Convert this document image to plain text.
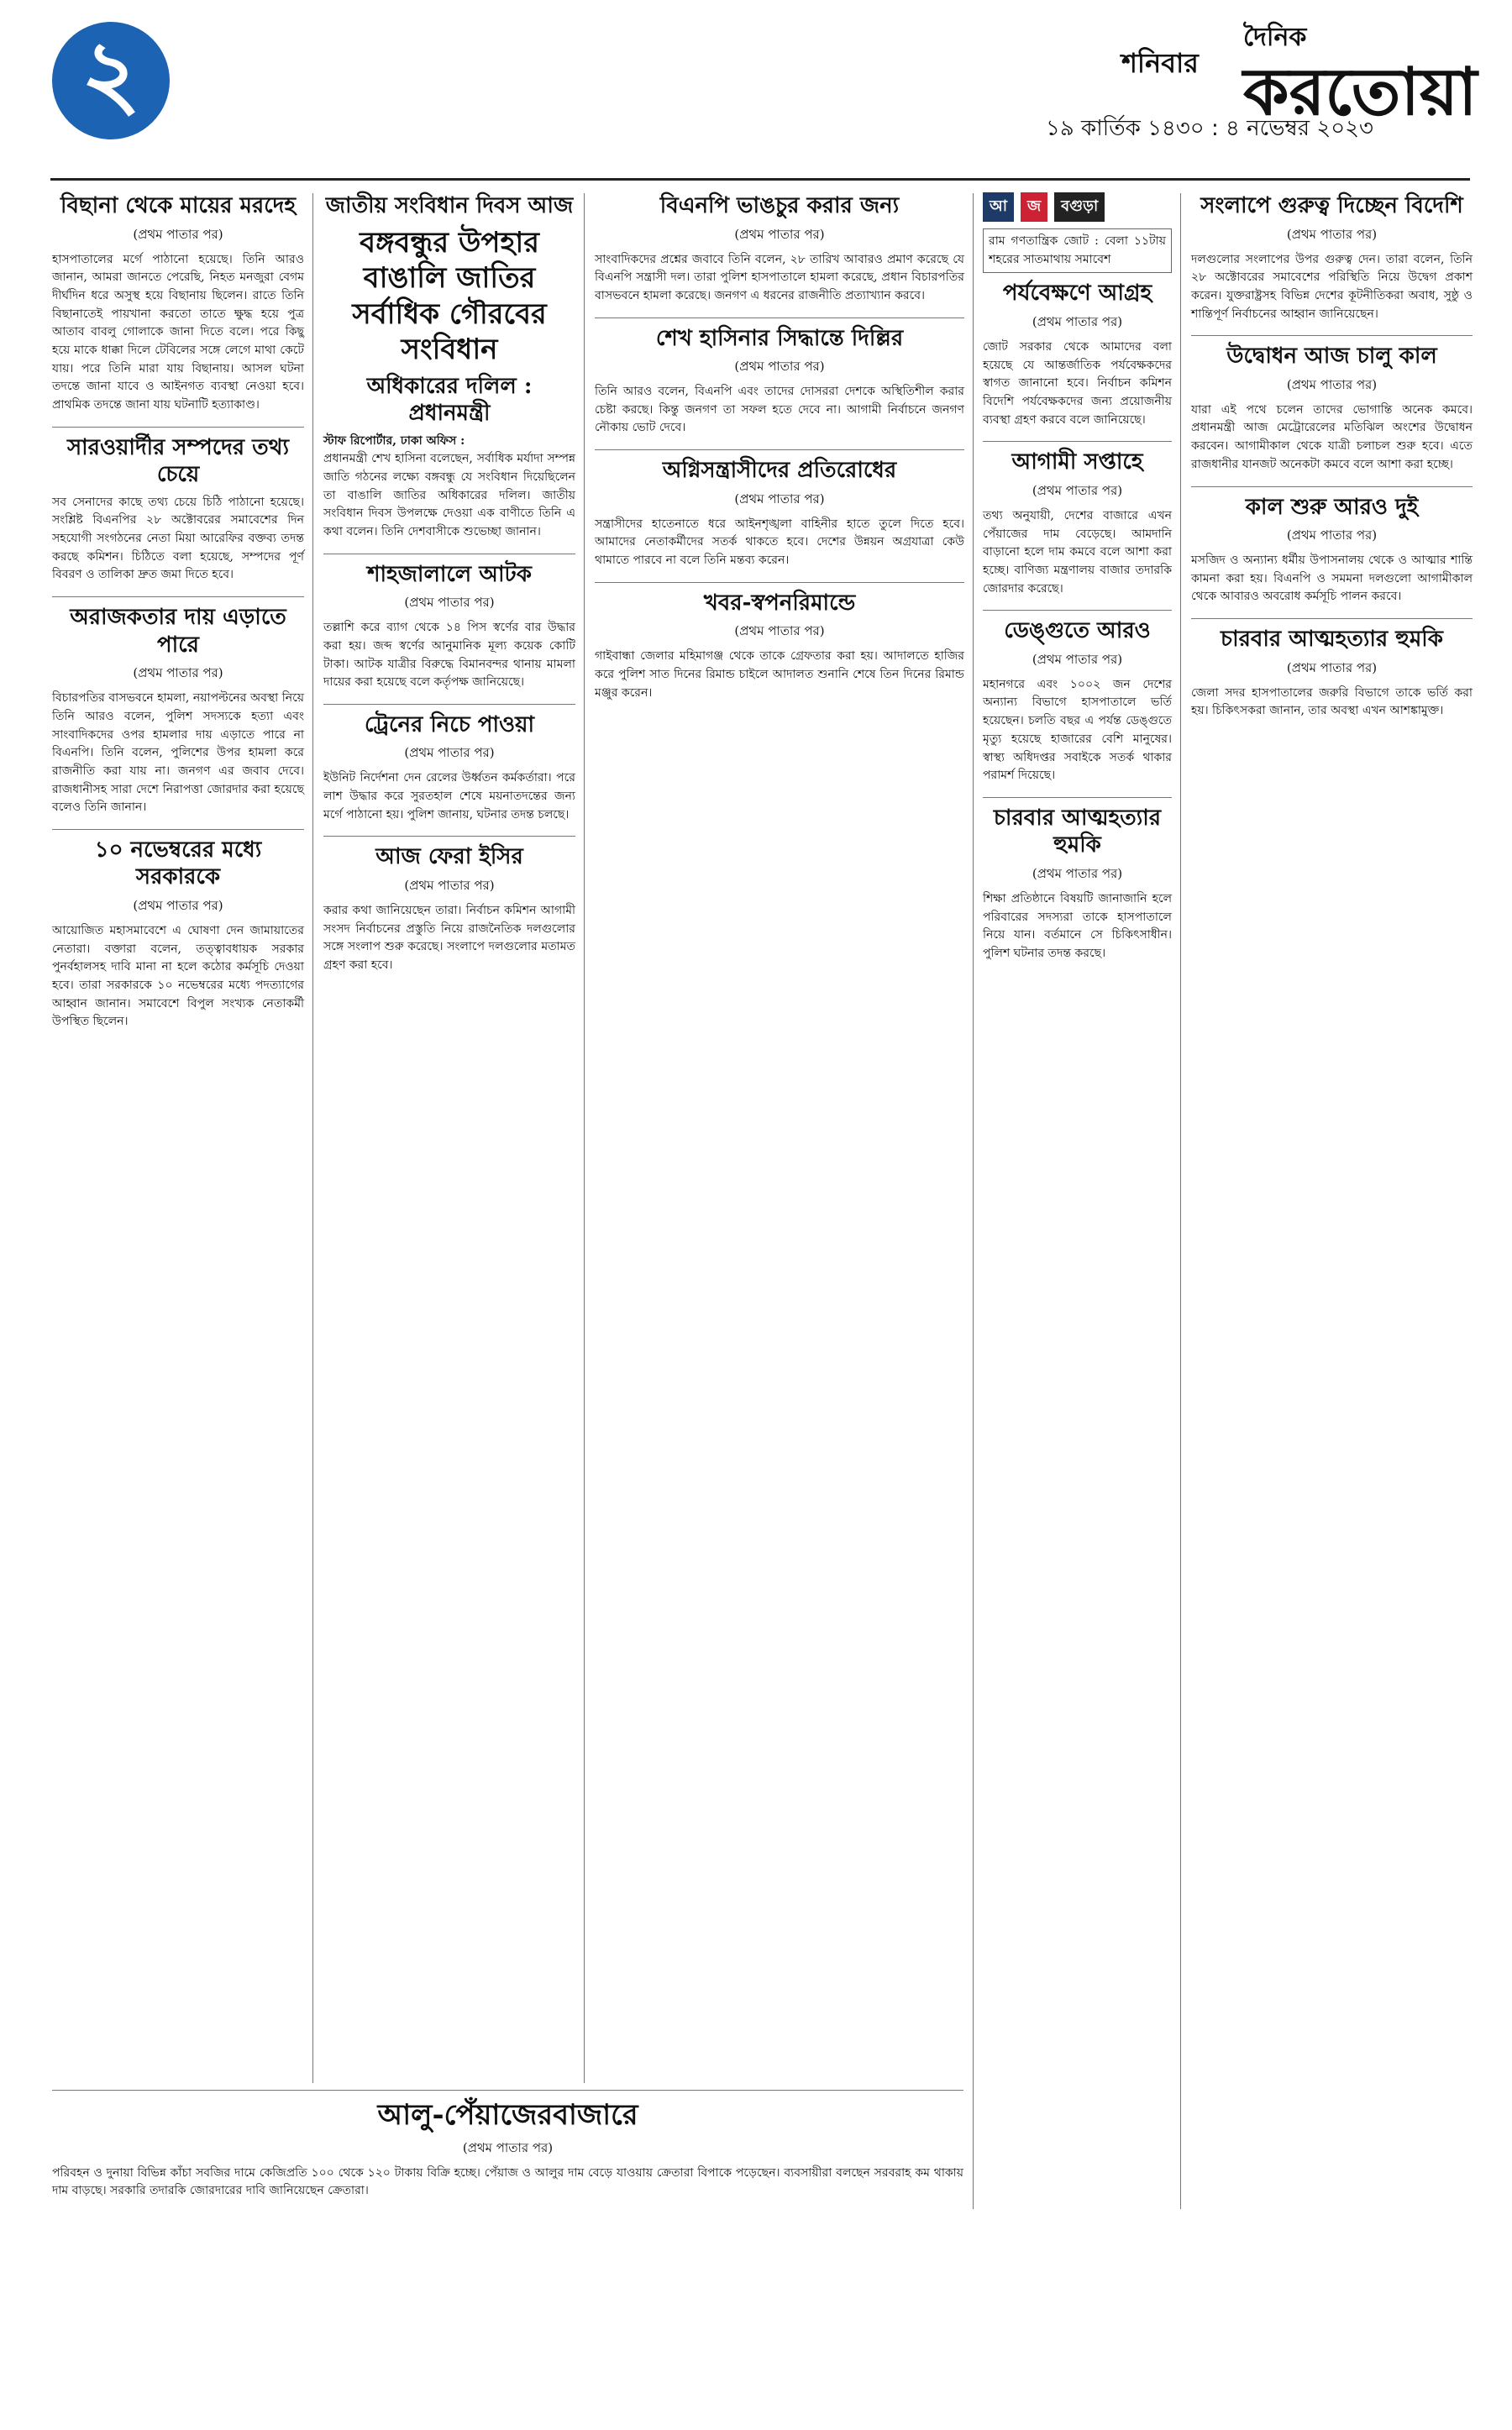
২	শনিবার
১৯ কার্তিক ১৪৩০ : ৪ নভেম্বর ২০২৩
দৈনিক
করতোয়া
বিছানা থেকে মায়ের মরদেহ
(প্রথম পাতার পর)
হাসপাতালের মর্গে পাঠানো হয়েছে। তিনি আরও জানান, আমরা জানতে পেরেছি, নিহত মনজুরা বেগম দীর্ঘদিন ধরে অসুস্থ হয়ে বিছানায় ছিলেন। রাতে তিনি বিছানাতেই পায়খানা করতো তাতে ক্ষুদ্ধ হয়ে পুত্র আতাব বাবলু গোলাকে জানা দিতে বলে। পরে কিছু হয়ে মাকে ধাক্কা দিলে টেবিলের সঙ্গে লেগে মাথা কেটে যায়। পরে তিনি মারা যায় বিছানায়। আসল ঘটনা তদন্তে জানা যাবে ও আইনগত ব্যবস্থা নেওয়া হবে। প্রাথমিক তদন্তে জানা যায় ঘটনাটি হত্যাকাণ্ড।
সারওয়ার্দীর সম্পদের তথ্য চেয়ে
সব সেনাদের কাছে তথ্য চেয়ে চিঠি পাঠানো হয়েছে। সংশ্লিষ্ট বিএনপির ২৮ অক্টোবরের সমাবেশের দিন সহযোগী সংগঠনের নেতা মিয়া আরেফির বক্তব্য তদন্ত করছে কমিশন। চিঠিতে বলা হয়েছে, সম্পদের পূর্ণ বিবরণ ও তালিকা দ্রুত জমা দিতে হবে।
অরাজকতার দায় এড়াতে পারে
(প্রথম পাতার পর)
বিচারপতির বাসভবনে হামলা, নয়াপল্টনের অবস্থা নিয়ে তিনি আরও বলেন, পুলিশ সদস্যকে হত্যা এবং সাংবাদিকদের ওপর হামলার দায় এড়াতে পারে না বিএনপি। তিনি বলেন, পুলিশের উপর হামলা করে রাজনীতি করা যায় না। জনগণ এর জবাব দেবে। রাজধানীসহ সারা দেশে নিরাপত্তা জোরদার করা হয়েছে বলেও তিনি জানান।
১০ নভেম্বরের মধ্যে সরকারকে
(প্রথম পাতার পর)
আয়োজিত মহাসমাবেশে এ ঘোষণা দেন জামায়াতের নেতারা। বক্তারা বলেন, তত্ত্বাবধায়ক সরকার পুনর্বহালসহ দাবি মানা না হলে কঠোর কর্মসূচি দেওয়া হবে। তারা সরকারকে ১০ নভেম্বরের মধ্যে পদত্যাগের আহ্বান জানান। সমাবেশে বিপুল সংখ্যক নেতাকর্মী উপস্থিত ছিলেন।
জাতীয় সংবিধান দিবস আজ
বঙ্গবন্ধুর উপহার বাঙালি জাতির সর্বাধিক গৌরবের সংবিধান
অধিকারের দলিল : প্রধানমন্ত্রী
স্টাফ রিপোর্টার, ঢাকা অফিস :
প্রধানমন্ত্রী শেখ হাসিনা বলেছেন, সর্বাধিক মর্যাদা সম্পন্ন জাতি গঠনের লক্ষ্যে বঙ্গবন্ধু যে সংবিধান দিয়েছিলেন তা বাঙালি জাতির অধিকারের দলিল। জাতীয় সংবিধান দিবস উপলক্ষে দেওয়া এক বাণীতে তিনি এ কথা বলেন। তিনি দেশবাসীকে শুভেচ্ছা জানান।
শাহজালালে আটক
(প্রথম পাতার পর)
তল্লাশি করে ব্যাগ থেকে ১৪ পিস স্বর্ণের বার উদ্ধার করা হয়। জব্দ স্বর্ণের আনুমানিক মূল্য কয়েক কোটি টাকা। আটক যাত্রীর বিরুদ্ধে বিমানবন্দর থানায় মামলা দায়ের করা হয়েছে বলে কর্তৃপক্ষ জানিয়েছে।
ট্রেনের নিচে পাওয়া
(প্রথম পাতার পর)
ইউনিট নির্দেশনা দেন রেলের উর্ধ্বতন কর্মকর্তারা। পরে লাশ উদ্ধার করে সুরতহাল শেষে ময়নাতদন্তের জন্য মর্গে পাঠানো হয়। পুলিশ জানায়, ঘটনার তদন্ত চলছে।
আজ ফেরা ইসির
(প্রথম পাতার পর)
করার কথা জানিয়েছেন তারা। নির্বাচন কমিশন আগামী সংসদ নির্বাচনের প্রস্তুতি নিয়ে রাজনৈতিক দলগুলোর সঙ্গে সংলাপ শুরু করেছে। সংলাপে দলগুলোর মতামত গ্রহণ করা হবে।
বিএনপি ভাঙচুর করার জন্য
(প্রথম পাতার পর)
সাংবাদিকদের প্রশ্নের জবাবে তিনি বলেন, ২৮ তারিখ আবারও প্রমাণ করেছে যে বিএনপি সন্ত্রাসী দল। তারা পুলিশ হাসপাতালে হামলা করেছে, প্রধান বিচারপতির বাসভবনে হামলা করেছে। জনগণ এ ধরনের রাজনীতি প্রত্যাখ্যান করবে।
শেখ হাসিনার সিদ্ধান্তে দিল্লির
(প্রথম পাতার পর)
তিনি আরও বলেন, বিএনপি এবং তাদের দোসররা দেশকে অস্থিতিশীল করার চেষ্টা করছে। কিন্তু জনগণ তা সফল হতে দেবে না। আগামী নির্বাচনে জনগণ নৌকায় ভোট দেবে।
অগ্নিসন্ত্রাসীদের প্রতিরোধের
(প্রথম পাতার পর)
সন্ত্রাসীদের হাতেনাতে ধরে আইনশৃঙ্খলা বাহিনীর হাতে তুলে দিতে হবে। আমাদের নেতাকর্মীদের সতর্ক থাকতে হবে। দেশের উন্নয়ন অগ্রযাত্রা কেউ থামাতে পারবে না বলে তিনি মন্তব্য করেন।
খবর-স্বপনরিমান্ডে
(প্রথম পাতার পর)
গাইবান্ধা জেলার মহিমাগঞ্জ থেকে তাকে গ্রেফতার করা হয়। আদালতে হাজির করে পুলিশ সাত দিনের রিমান্ড চাইলে আদালত শুনানি শেষে তিন দিনের রিমান্ড মঞ্জুর করেন।
আ	জ	বগুড়া
রাম গণতান্ত্রিক জোট : বেলা ১১টায় শহরের সাতমাথায় সমাবেশ
পর্যবেক্ষণে আগ্রহ
(প্রথম পাতার পর)
জোট সরকার থেকে আমাদের বলা হয়েছে যে আন্তর্জাতিক পর্যবেক্ষকদের স্বাগত জানানো হবে। নির্বাচন কমিশন বিদেশি পর্যবেক্ষকদের জন্য প্রয়োজনীয় ব্যবস্থা গ্রহণ করবে বলে জানিয়েছে।
আগামী সপ্তাহে
(প্রথম পাতার পর)
তথ্য অনুযায়ী, দেশের বাজারে এখন পেঁয়াজের দাম বেড়েছে। আমদানি বাড়ানো হলে দাম কমবে বলে আশা করা হচ্ছে। বাণিজ্য মন্ত্রণালয় বাজার তদারকি জোরদার করেছে।
ডেঙ্গুতে আরও
(প্রথম পাতার পর)
মহানগরে এবং ১০০২ জন দেশের অন্যান্য বিভাগে হাসপাতালে ভর্তি হয়েছেন। চলতি বছর এ পর্যন্ত ডেঙ্গুতে মৃত্যু হয়েছে হাজারের বেশি মানুষের। স্বাস্থ্য অধিদপ্তর সবাইকে সতর্ক থাকার পরামর্শ দিয়েছে।
চারবার আত্মহত্যার হুমকি
(প্রথম পাতার পর)
শিক্ষা প্রতিষ্ঠানে বিষয়টি জানাজানি হলে পরিবারের সদস্যরা তাকে হাসপাতালে নিয়ে যান। বর্তমানে সে চিকিৎসাধীন। পুলিশ ঘটনার তদন্ত করছে।
সংলাপে গুরুত্ব দিচ্ছেন বিদেশি
(প্রথম পাতার পর)
দলগুলোর সংলাপের উপর গুরুত্ব দেন। তারা বলেন, তিনি ২৮ অক্টোবরের সমাবেশের পরিস্থিতি নিয়ে উদ্বেগ প্রকাশ করেন। যুক্তরাষ্ট্রসহ বিভিন্ন দেশের কূটনীতিকরা অবাধ, সুষ্ঠু ও শান্তিপূর্ণ নির্বাচনের আহ্বান জানিয়েছেন।
উদ্বোধন আজ চালু কাল
(প্রথম পাতার পর)
যারা এই পথে চলেন তাদের ভোগান্তি অনেক কমবে। প্রধানমন্ত্রী আজ মেট্রোরেলের মতিঝিল অংশের উদ্বোধন করবেন। আগামীকাল থেকে যাত্রী চলাচল শুরু হবে। এতে রাজধানীর যানজট অনেকটা কমবে বলে আশা করা হচ্ছে।
কাল শুরু আরও দুই
(প্রথম পাতার পর)
মসজিদ ও অন্যান্য ধর্মীয় উপাসনালয় থেকে ও আত্মার শান্তি কামনা করা হয়। বিএনপি ও সমমনা দলগুলো আগামীকাল থেকে আবারও অবরোধ কর্মসূচি পালন করবে।
চারবার আত্মহত্যার হুমকি
(প্রথম পাতার পর)
জেলা সদর হাসপাতালের জরুরি বিভাগে তাকে ভর্তি করা হয়। চিকিৎসকরা জানান, তার অবস্থা এখন আশঙ্কামুক্ত।
আলু-পেঁয়াজেরবাজারে
(প্রথম পাতার পর)
পরিবহন ও দুনায়া বিভিন্ন কাঁচা সবজির দামে কেজিপ্রতি ১০০ থেকে ১২০ টাকায় বিক্রি হচ্ছে। পেঁয়াজ ও আলুর দাম বেড়ে যাওয়ায় ক্রেতারা বিপাকে পড়েছেন। ব্যবসায়ীরা বলছেন সরবরাহ কম থাকায় দাম বাড়ছে। সরকারি তদারকি জোরদারের দাবি জানিয়েছেন ক্রেতারা।
